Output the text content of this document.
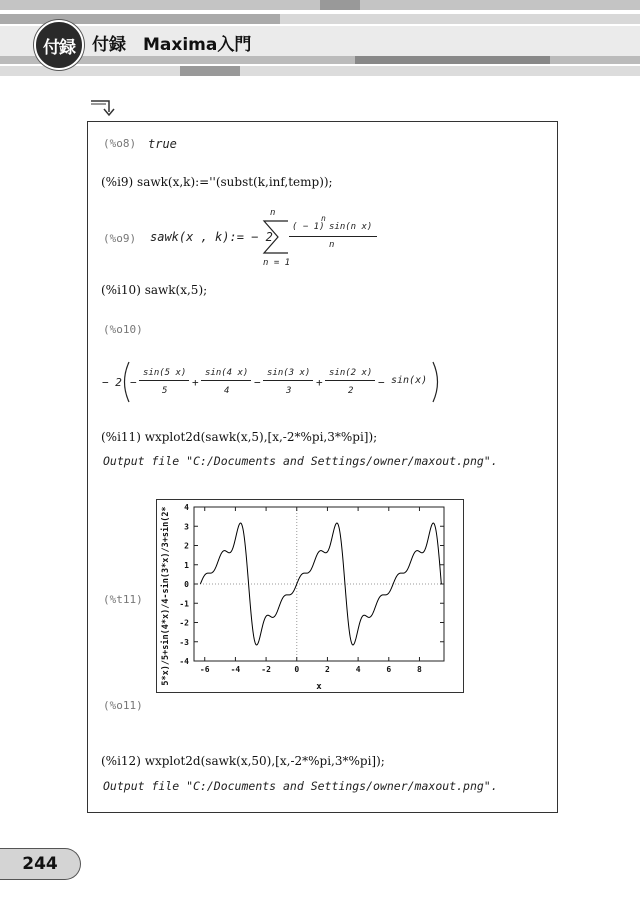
付録	付録　Maxima入門
(%o8) true
(%i9) sawk(x,k):=''(subst(k,inf,temp));
(%o9) sawk(x , k):= − 2
n
n = 1
( − 1)
n
sin(n x)
n
(%i10) sawk(x,5);
(%o10)
− 2 −
sin(5 x)
5
+
sin(4 x)
4
−
sin(3 x)
3
+
sin(2 x)
2
− sin(x)
(%i11) wxplot2d(sawk(x,5),[x,-2*%pi,3*%pi]);
Output file "C:/Documents and Settings/owner/maxout.png".
(%t11) 5*x)/5+sin(4*x)/4-sin(3*x)/3+sin(2*
x
4
3
2
1
0
-1
-2
-3
-4
-6	-4	-2	0	2	4	6	8
(%o11)
(%i12) wxplot2d(sawk(x,50),[x,-2*%pi,3*%pi]);
Output file "C:/Documents and Settings/owner/maxout.png".
244
